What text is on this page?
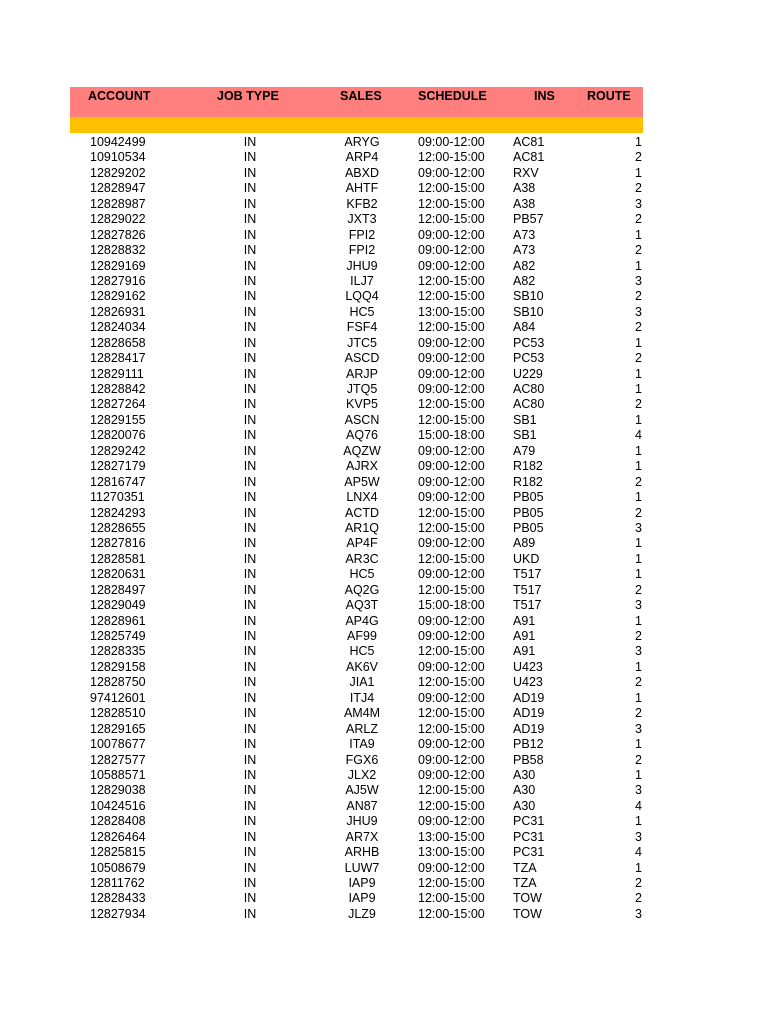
ACCOUNT	JOB TYPE	SALES	SCHEDULE	INS	ROUTE
10942499	IN	ARYG	09:00-12:00	AC81	1
10910534	IN	ARP4	12:00-15:00	AC81	2
12829202	IN	ABXD	09:00-12:00	RXV	1
12828947	IN	AHTF	12:00-15:00	A38	2
12828987	IN	KFB2	12:00-15:00	A38	3
12829022	IN	JXT3	12:00-15:00	PB57	2
12827826	IN	FPI2	09:00-12:00	A73	1
12828832	IN	FPI2	09:00-12:00	A73	2
12829169	IN	JHU9	09:00-12:00	A82	1
12827916	IN	ILJ7	12:00-15:00	A82	3
12829162	IN	LQQ4	12:00-15:00	SB10	2
12826931	IN	HC5	13:00-15:00	SB10	3
12824034	IN	FSF4	12:00-15:00	A84	2
12828658	IN	JTC5	09:00-12:00	PC53	1
12828417	IN	ASCD	09:00-12:00	PC53	2
12829111	IN	ARJP	09:00-12:00	U229	1
12828842	IN	JTQ5	09:00-12:00	AC80	1
12827264	IN	KVP5	12:00-15:00	AC80	2
12829155	IN	ASCN	12:00-15:00	SB1	1
12820076	IN	AQ76	15:00-18:00	SB1	4
12829242	IN	AQZW	09:00-12:00	A79	1
12827179	IN	AJRX	09:00-12:00	R182	1
12816747	IN	AP5W	09:00-12:00	R182	2
11270351	IN	LNX4	09:00-12:00	PB05	1
12824293	IN	ACTD	12:00-15:00	PB05	2
12828655	IN	AR1Q	12:00-15:00	PB05	3
12827816	IN	AP4F	09:00-12:00	A89	1
12828581	IN	AR3C	12:00-15:00	UKD	1
12820631	IN	HC5	09:00-12:00	T517	1
12828497	IN	AQ2G	12:00-15:00	T517	2
12829049	IN	AQ3T	15:00-18:00	T517	3
12828961	IN	AP4G	09:00-12:00	A91	1
12825749	IN	AF99	09:00-12:00	A91	2
12828335	IN	HC5	12:00-15:00	A91	3
12829158	IN	AK6V	09:00-12:00	U423	1
12828750	IN	JIA1	12:00-15:00	U423	2
97412601	IN	ITJ4	09:00-12:00	AD19	1
12828510	IN	AM4M	12:00-15:00	AD19	2
12829165	IN	ARLZ	12:00-15:00	AD19	3
10078677	IN	ITA9	09:00-12:00	PB12	1
12827577	IN	FGX6	09:00-12:00	PB58	2
10588571	IN	JLX2	09:00-12:00	A30	1
12829038	IN	AJ5W	12:00-15:00	A30	3
10424516	IN	AN87	12:00-15:00	A30	4
12828408	IN	JHU9	09:00-12:00	PC31	1
12826464	IN	AR7X	13:00-15:00	PC31	3
12825815	IN	ARHB	13:00-15:00	PC31	4
10508679	IN	LUW7	09:00-12:00	TZA	1
12811762	IN	IAP9	12:00-15:00	TZA	2
12828433	IN	IAP9	12:00-15:00	TOW	2
12827934	IN	JLZ9	12:00-15:00	TOW	3
